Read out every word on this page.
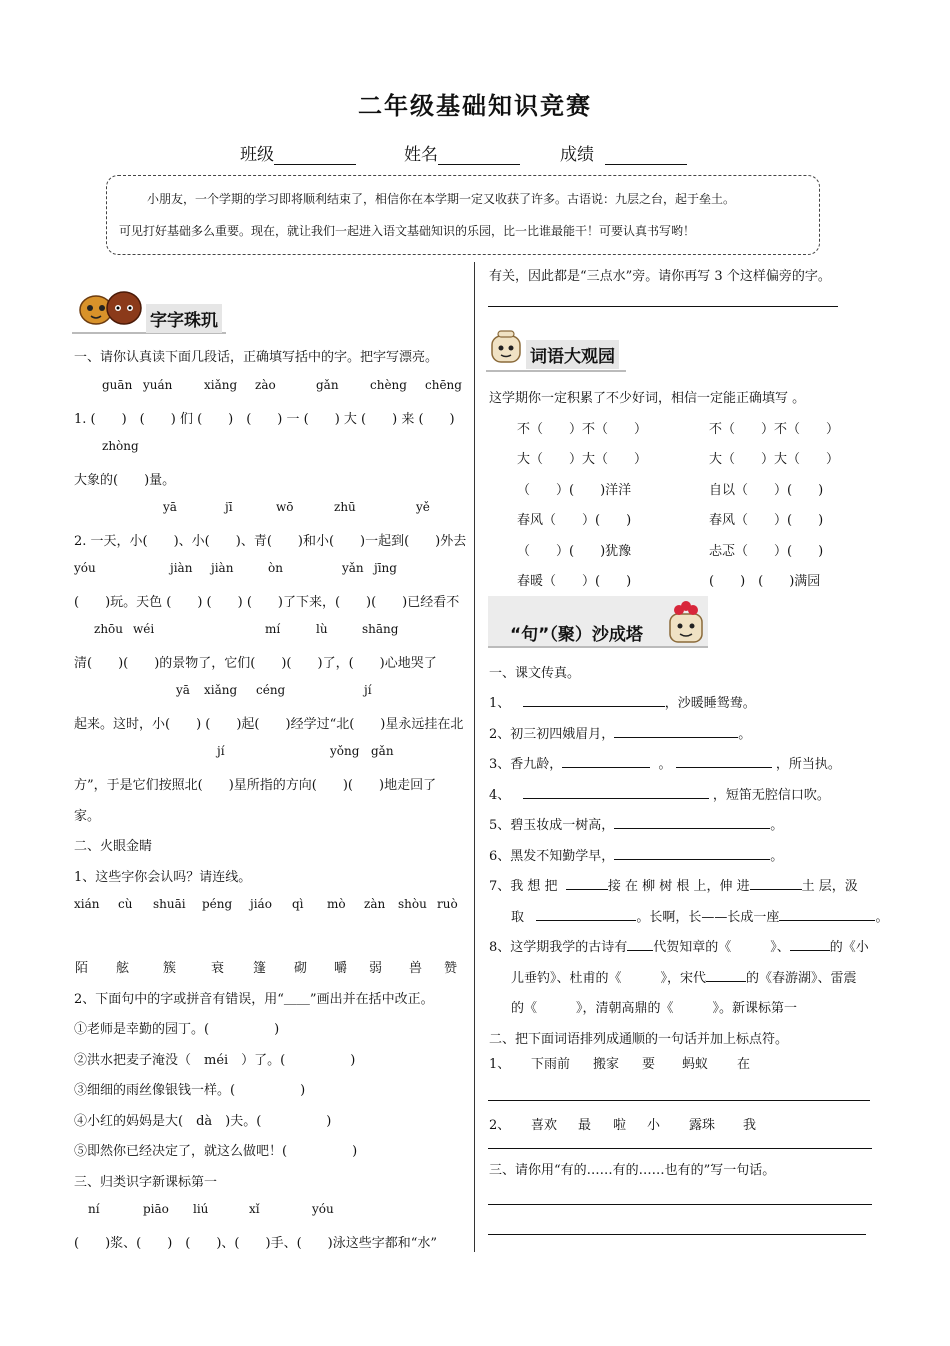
二年级基础知识竞赛
班级	姓名	成绩

小朋友，一个学期的学习即将顺利结束了，相信你在本学期一定又收获了许多。古语说：九层之台，起于垒土。

可见打好基础多么重要。现在，就让我们一起进入语文基础知识的乐园，比一比谁最能干！可要认真书写哟！

字字珠玑
一、请你认真读下面几段话，正确填写括中的字。把字写漂亮。
guān yuán	xiǎng zào	gǎn	chèng chēng
1. (　　)　(　　) 们 (　　)　(　　) 一 (　　) 大 (　　) 来 (　　)
zhòng
大象的(　　)量。
yā	jī	wō	zhū	yě
2. 一天，小(　　)、小(　　)、青(　　)和小(　　)一起到(　　)外去
yóu	jiàn jiàn	òn	yǎn jīng
(　　)玩。天色 (　　) (　　) (　　)了下来，(　　)(　　)已经看不
zhōu wéi	mí	lù	shāng
清(　　)(　　)的景物了，它们(　　)(　　)了，(　　)心地哭了
yā xiǎng céng	jí
起来。这时，小(　　) (　　)起(　　)经学过“北(　　)星永远挂在北
jí	yǒng gǎn
方”，于是它们按照北(　　)星所指的方向(　　)(　　)地走回了
家。
二、火眼金睛
1、这些字你会认吗？请连线。
xián cù shuāi péng jiáo qì mò zàn shòu ruò
陌 舷	簇	衰 篷 砌 嚼 弱 兽 赞
2、下面句中的字或拼音有错误，用“＿＿”画出并在括中改正。
①老师是幸勤的园丁。(　　　　　)
②洪水把麦子淹没（　méi　）了。(　　　　　)
③细细的雨丝像银钱一样。(　　　　　)
④小红的妈妈是大(　dà　)夫。(　　　　　)
⑤即然你已经决定了，就这么做吧！(　　　　　)
三、归类识字新课标第一
ní	piāo liú	xǐ	yóu
(　　)浆、(　　)　(　　)、(　　)手、(　　)泳这些字都和“水”
有关，因此都是“三点水”旁。请你再写 3 个这样偏旁的字。
词语大观园
这学期你一定积累了不少好词，相信一定能正确填写 。
不（　　）不（　　）	不（　　）不（　　）
大（　　）大（　　）	大（　　）大（　　）
（　　）(　　)洋洋	自以（　　）(　　)
春风（　　）(　　)	春风（　　）(　　)
（　　）(　　)犹豫	忐忑（　　）(　　)
春暖（　　）(　　)	(　　)　(　　)满园
“句”（聚）沙成塔
一、课文传真。
1、	，沙暖睡鸳鸯。
2、初三初四娥眉月，	。
3、香九龄，	。	，所当执。
4、	，短笛无腔信口吹。
5、碧玉妆成一树高，	。
6、黑发不知勤学早，	。
7、我 想 把	接 在 柳 树 根 上，伸 进	土 层，汲
取	。长啊，长——长成一座	。
8、这学期我学的古诗有 代贺知章的《　　　》、	的《小
儿垂钓》、杜甫的《　　　》，宋代	的《春游湖》、雷震
的《　　　》，清朝高鼎的《　　　》。新课标第一
二、把下面词语排列成通顺的一句话并加上标点符。
1、 下雨前 搬家 要 蚂蚁 在
2、 喜欢 最 啦 小 露珠 我
三、请你用“有的……有的……也有的”写一句话。
